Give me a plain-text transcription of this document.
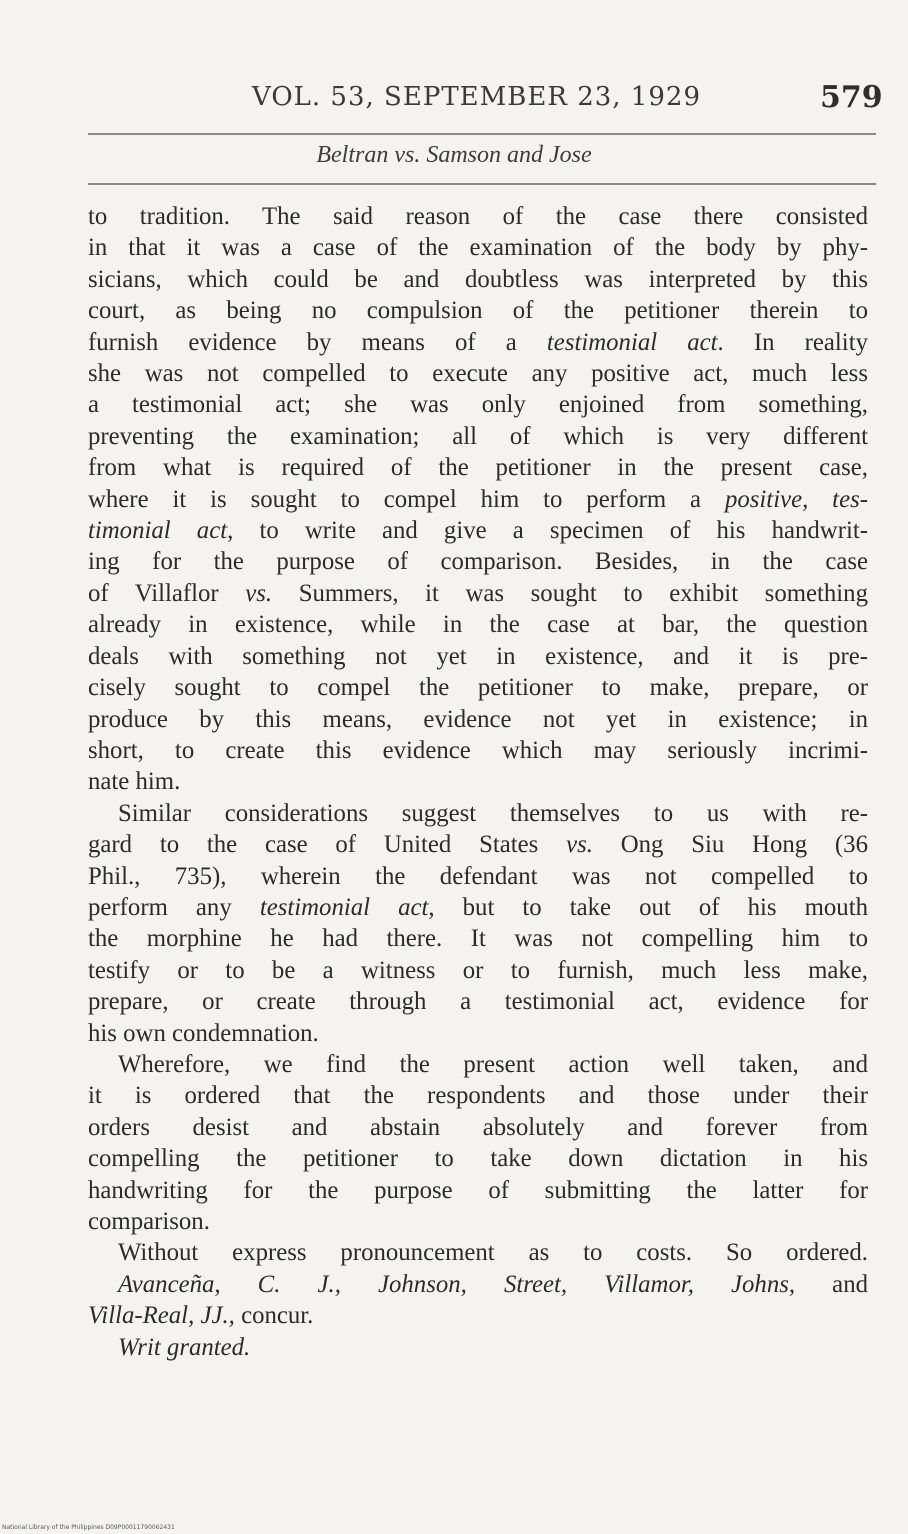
VOL. 53, SEPTEMBER 23, 1929	579
Beltran vs. Samson and Jose
to tradition. The said reason of the case there consisted
in that it was a case of the examination of the body by phy-
sicians, which could be and doubtless was interpreted by this
court, as being no compulsion of the petitioner therein to
furnish evidence by means of a testimonial act. In reality
she was not compelled to execute any positive act, much less
a testimonial act; she was only enjoined from something,
preventing the examination; all of which is very different
from what is required of the petitioner in the present case,
where it is sought to compel him to perform a positive, tes-
timonial act, to write and give a specimen of his handwrit-
ing for the purpose of comparison. Besides, in the case
of Villaflor vs. Summers, it was sought to exhibit something
already in existence, while in the case at bar, the question
deals with something not yet in existence, and it is pre-
cisely sought to compel the petitioner to make, prepare, or
produce by this means, evidence not yet in existence; in
short, to create this evidence which may seriously incrimi-
nate him.
Similar considerations suggest themselves to us with re-
gard to the case of United States vs. Ong Siu Hong (36
Phil., 735), wherein the defendant was not compelled to
perform any testimonial act, but to take out of his mouth
the morphine he had there. It was not compelling him to
testify or to be a witness or to furnish, much less make,
prepare, or create through a testimonial act, evidence for
his own condemnation.
Wherefore, we find the present action well taken, and
it is ordered that the respondents and those under their
orders desist and abstain absolutely and forever from
compelling the petitioner to take down dictation in his
handwriting for the purpose of submitting the latter for
comparison.
Without express pronouncement as to costs. So ordered.
Avanceña, C. J., Johnson, Street, Villamor, Johns, and
Villa-Real, JJ., concur.
Writ granted.
National Library of the Philippines D09P00011790062431
